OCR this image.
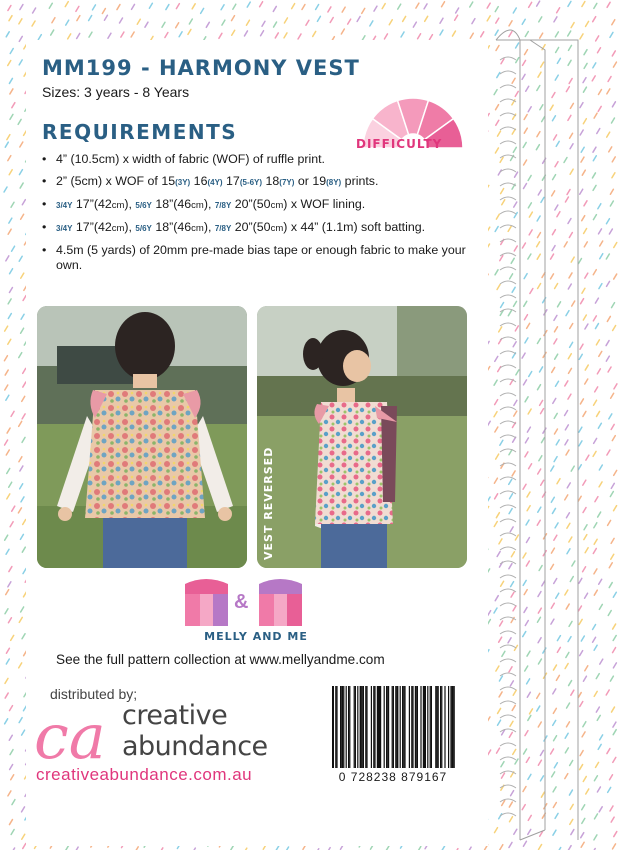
MM199 - HARMONY VEST

Sizes: 3 years - 8 Years

REQUIREMENTS	DIFFICULTY
• 4” (10.5cm) x width of fabric (WOF) of ruffle print.
• 2” (5cm) x WOF of 15(3Y) 16(4Y) 17(5-6Y) 18(7Y) or 19(8Y) prints.
• 3/4Y 17”(42cm), 5/6Y 18”(46cm), 7/8Y 20”(50cm) x WOF lining.
• 3/4Y 17”(42cm), 5/6Y 18”(46cm), 7/8Y 20”(50cm) x 44” (1.1m) soft batting.
• 4.5m (5 yards) of 20mm pre-made bias tape or enough fabric to make your own.
VEST REVERSED
&
MELLY AND ME
See the full pattern collection at www.mellyandme.com
distributed by;
ca creative
abundance
creativeabundance.com.au	0 728238 879167
